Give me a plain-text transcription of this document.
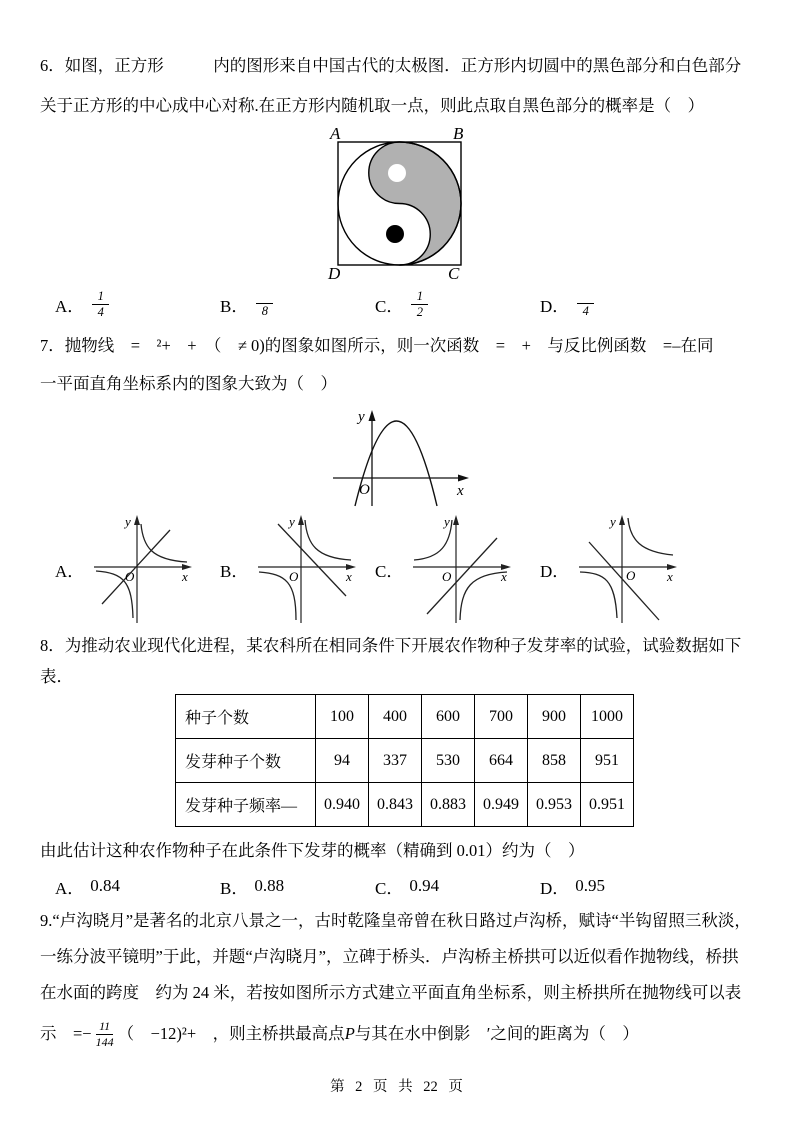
6．如图，正方形　　　内的图形来自中国古代的太极图．正方形内切圆中的黑色部分和白色部分
关于正方形的中心成中心对称.在正方形内随机取一点，则此点取自黑色部分的概率是（　）
A	B
D	C
A． $\frac{1}{4}$	B． 8	C． $\frac{1}{2}$	D． 4
7．抛物线　=　²+　+　（　≠ 0)的图象如图所示，则一次函数　=　+　与反比例函数　=–在同
一平面直角坐标系内的图象大致为（　）
y
x
O
A．
y
x
O	B．
y
x
O	C．
y
x
O	D．
y
x
O
8．为推动农业现代化进程，某农科所在相同条件下开展农作物种子发芽率的试验，试验数据如下
表．
种子个数	100	400	600	700	900	1000
发芽种子个数	94	337	530	664	858	951
发芽种子频率—	0.940	0.843	0.883	0.949	0.953	0.951
由此估计这种农作物种子在此条件下发芽的概率（精确到 0.01）约为（　）
A． 0.84	B． 0.88	C． 0.94	D． 0.95
9.“卢沟晓月”是著名的北京八景之一，古时乾隆皇帝曾在秋日路过卢沟桥，赋诗“半钩留照三秋淡，
一练分波平镜明”于此，并题“卢沟晓月”，立碑于桥头．卢沟桥主桥拱可以近似看作抛物线，桥拱
在水面的跨度　约为 24 米，若按如图所示方式建立平面直角坐标系，则主桥拱所在抛物线可以表
示　=− $\frac{11}{144}$ （　−12)²+　，则主桥拱最高点 P 与其在水中倒影　′之间的距离为（　）
第 2 页 共 22 页
